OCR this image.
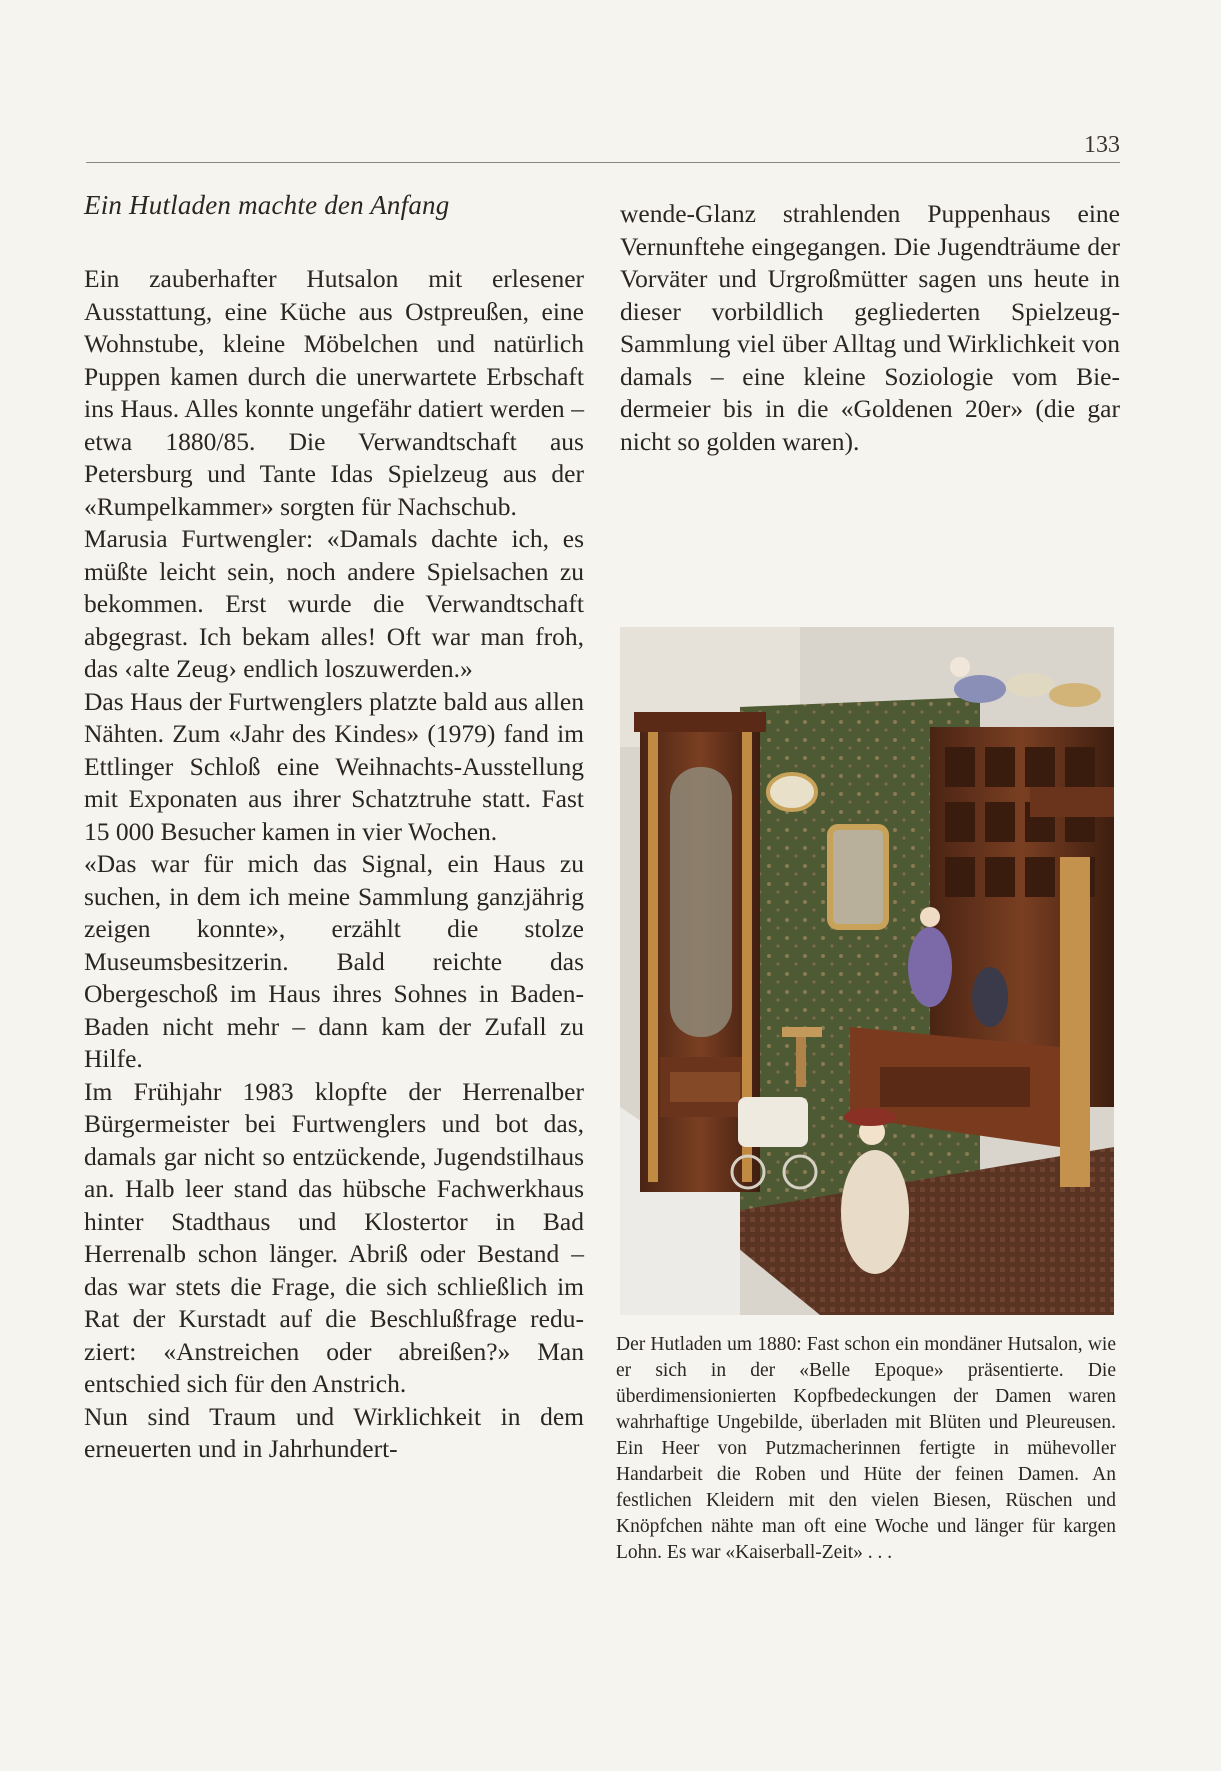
133
Ein Hutladen machte den Anfang

Ein zauberhafter Hutsalon mit erlesener Ausstattung, eine Küche aus Ostpreußen, eine Wohnstube, kleine Möbelchen und natürlich Puppen kamen durch die unerwartete Erbschaft ins Haus. Alles konnte ungefähr datiert werden – etwa 1880/85. Die Verwandtschaft aus Petersburg und Tante Idas Spielzeug aus der «Rumpelkammer» sorgten für Nachschub.

Marusia Furtwengler: «Damals dachte ich, es müßte leicht sein, noch andere Spielsachen zu bekommen. Erst wurde die Verwandtschaft abgegrast. Ich bekam alles! Oft war man froh, das ‹alte Zeug› endlich loszuwerden.»

Das Haus der Furtwenglers platzte bald aus allen Nähten. Zum «Jahr des Kindes» (1979) fand im Ettlinger Schloß eine Weihnachts-Ausstellung mit Exponaten aus ihrer Schatztruhe statt. Fast 15 000 Besucher kamen in vier Wochen.

«Das war für mich das Signal, ein Haus zu suchen, in dem ich meine Sammlung ganzjährig zeigen konnte», erzählt die stolze Museumsbesitzerin. Bald reichte das Obergeschoß im Haus ihres Sohnes in Baden-Baden nicht mehr – dann kam der Zufall zu Hilfe.

Im Frühjahr 1983 klopfte der Herrenalber Bürgermeister bei Furtwenglers und bot das, damals gar nicht so entzückende, Jugendstilhaus an. Halb leer stand das hübsche Fachwerkhaus hinter Stadthaus und Klostertor in Bad Herrenalb schon länger. Abriß oder Bestand – das war stets die Frage, die sich schließlich im Rat der Kurstadt auf die Beschlußfrage reduziert: «Anstreichen oder abreißen?» Man entschied sich für den Anstrich.

Nun sind Traum und Wirklichkeit in dem erneuerten und in Jahrhundert-

wende-Glanz strahlenden Puppenhaus eine Vernunftehe eingegangen. Die Jugendträume der Vorväter und Urgroßmütter sagen uns heute in dieser vorbildlich gegliederten Spielzeug-Sammlung viel über Alltag und Wirklichkeit von damals – eine kleine Soziologie vom Biedermeier bis in die «Goldenen 20er» (die gar nicht so golden waren).

Der Hutladen um 1880: Fast schon ein mondäner Hutsalon, wie er sich in der «Belle Epoque» präsentierte. Die überdimensionierten Kopfbedeckungen der Damen waren wahrhaftige Ungebilde, überladen mit Blüten und Pleureusen. Ein Heer von Putzmacherinnen fertigte in mühevoller Handarbeit die Roben und Hüte der feinen Damen. An festlichen Kleidern mit den vielen Biesen, Rüschen und Knöpfchen nähte man oft eine Woche und länger für kargen Lohn. Es war «Kaiserball-Zeit» . . .
